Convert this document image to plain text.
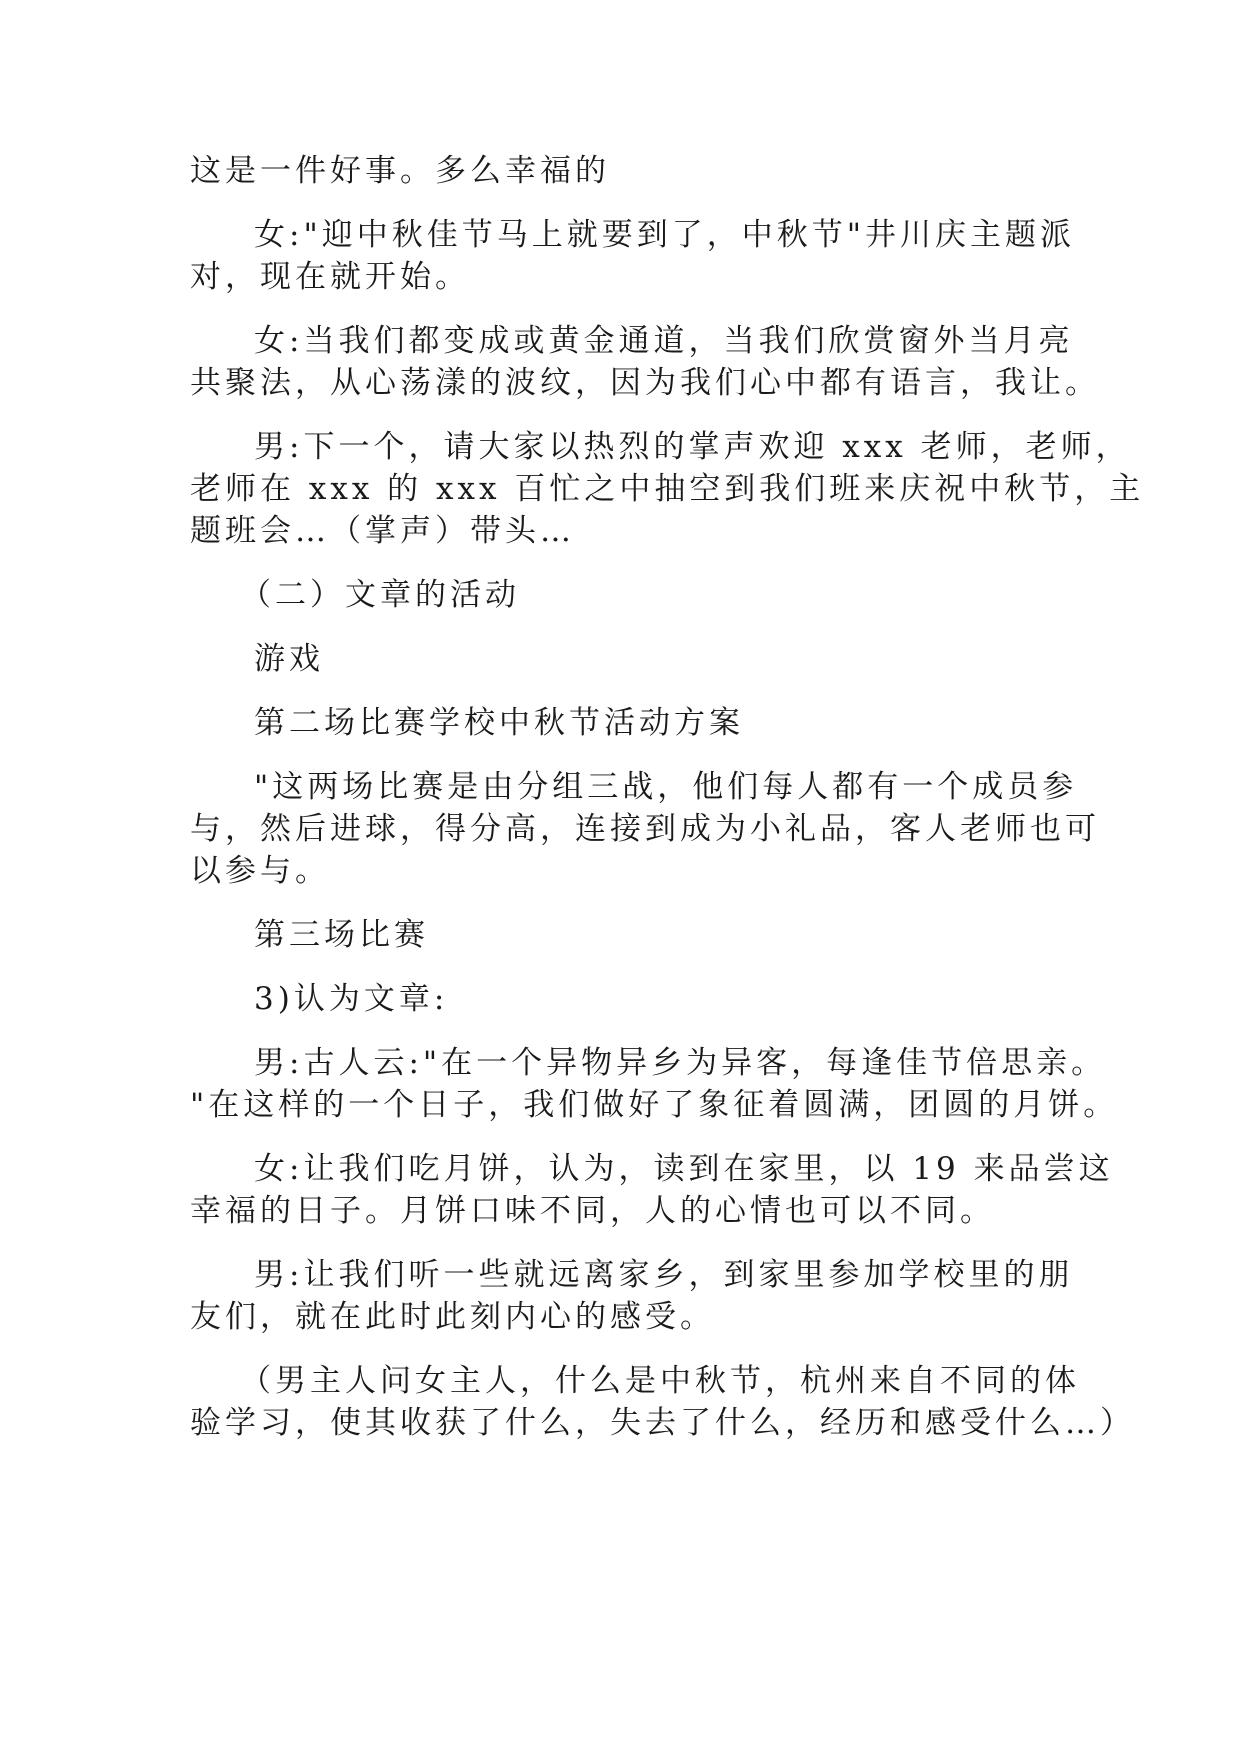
这是一件好事。多么幸福的
女:"迎中秋佳节马上就要到了，中秋节"井川庆主题派
对，现在就开始。
女:当我们都变成或黄金通道，当我们欣赏窗外当月亮
共聚法，从心荡漾的波纹，因为我们心中都有语言，我让。
男:下一个，请大家以热烈的掌声欢迎 xxx 老师，老师，
老师在 xxx 的 xxx 百忙之中抽空到我们班来庆祝中秋节，主
题班会…（掌声）带头…
（二）文章的活动
游戏
第二场比赛学校中秋节活动方案
"这两场比赛是由分组三战，他们每人都有一个成员参
与，然后进球，得分高，连接到成为小礼品，客人老师也可
以参与。
第三场比赛
3)认为文章:
男:古人云:"在一个异物异乡为异客，每逢佳节倍思亲。
"在这样的一个日子，我们做好了象征着圆满，团圆的月饼。
女:让我们吃月饼，认为，读到在家里，以 19 来品尝这
幸福的日子。月饼口味不同，人的心情也可以不同。
男:让我们听一些就远离家乡，到家里参加学校里的朋
友们，就在此时此刻内心的感受。
（男主人问女主人，什么是中秋节，杭州来自不同的体
验学习，使其收获了什么，失去了什么，经历和感受什么…）
